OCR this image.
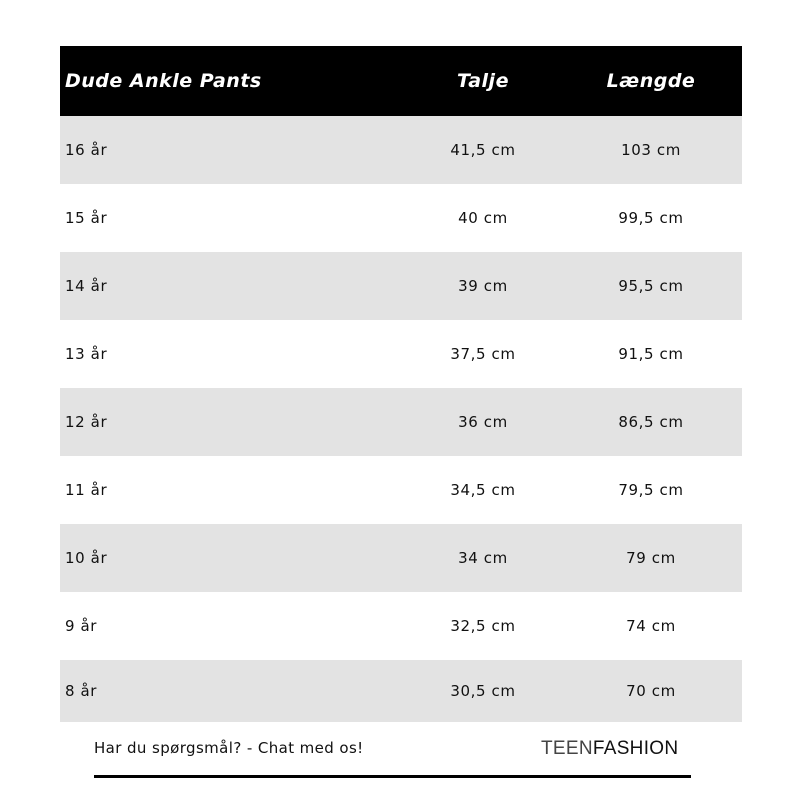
Dude Ankle Pants	Talje	Længde
16 år	41,5 cm	103 cm
15 år	40 cm	99,5 cm
14 år	39 cm	95,5 cm
13 år	37,5 cm	91,5 cm
12 år	36 cm	86,5 cm
11 år	34,5 cm	79,5 cm
10 år	34 cm	79 cm
9 år	32,5 cm	74 cm
8 år	30,5 cm	70 cm
Har du spørgsmål? - Chat med os!	TEENFASHION
